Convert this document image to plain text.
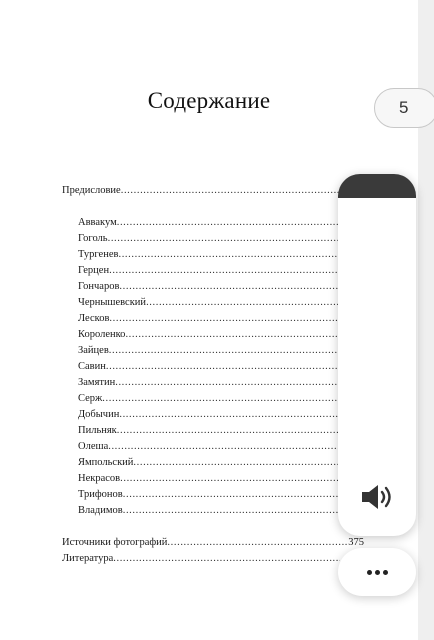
Содержание
Предисловие
.....
Аввакум
.....
Гоголь
.....
Тургенев
.....
Герцен
.....
Гончаров
.....
Чернышевский
.....
Лесков
.....
Короленко
.....
Зайцев
.....
Савин
.....
Замятин
.....
Серж
.....
Добычин
.....
Пильняк
.....
Олеша
.....
Ямпольский
.....
Некрасов
.....
Трифонов
.....
Владимов
.....
Источники фотографий
.....	375
Литература
.....
5
